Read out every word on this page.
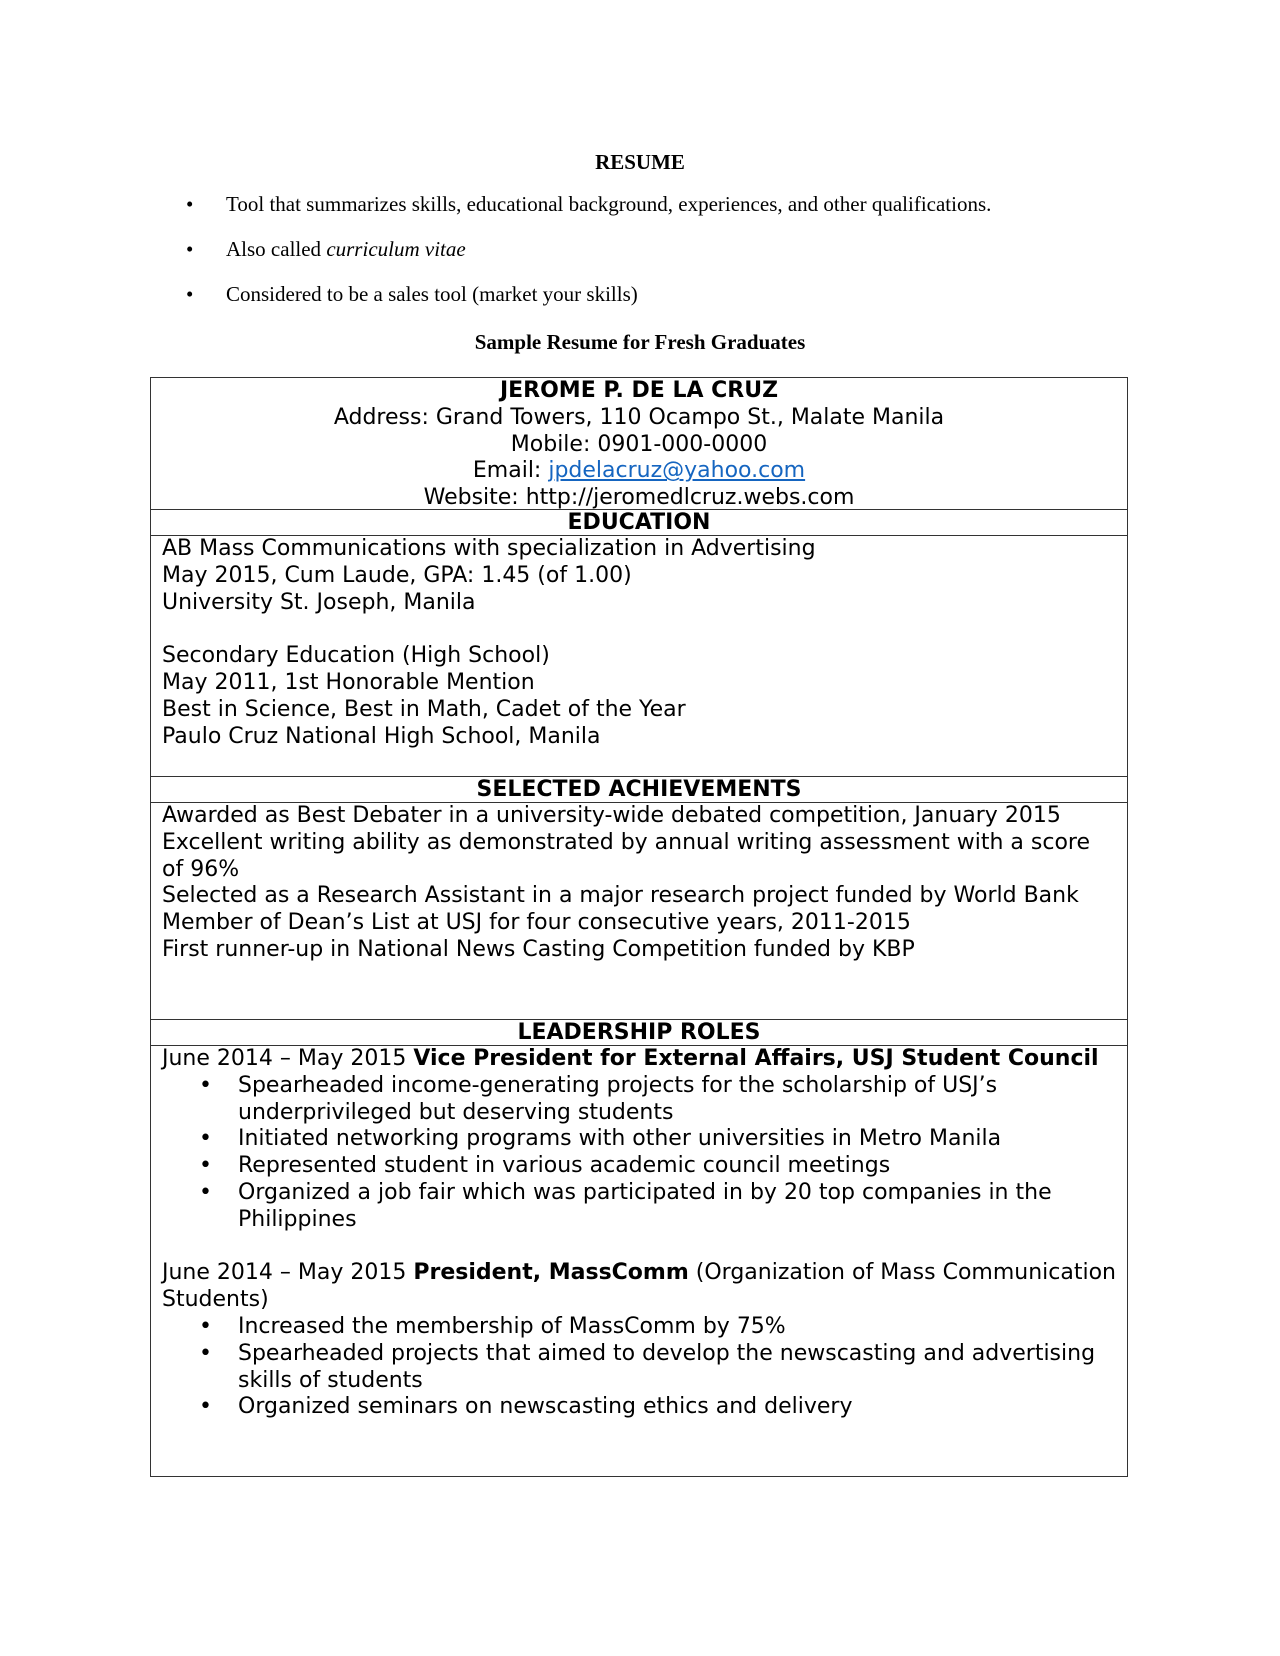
RESUME
• Tool that summarizes skills, educational background, experiences, and other qualifications.
• Also called curriculum vitae
• Considered to be a sales tool (market your skills)
Sample Resume for Fresh Graduates
JEROME P. DE LA CRUZ
Address: Grand Towers, 110 Ocampo St., Malate Manila
Mobile: 0901-000-0000
Email: jpdelacruz@yahoo.com
Website: http://jeromedlcruz.webs.com
EDUCATION
AB Mass Communications with specialization in Advertising
May 2015, Cum Laude, GPA: 1.45 (of 1.00)
University St. Joseph, Manila
Secondary Education (High School)
May 2011, 1st Honorable Mention
Best in Science, Best in Math, Cadet of the Year
Paulo Cruz National High School, Manila
SELECTED ACHIEVEMENTS
Awarded as Best Debater in a university-wide debated competition, January 2015
Excellent writing ability as demonstrated by annual writing assessment with a score of 96%
Selected as a Research Assistant in a major research project funded by World Bank
Member of Dean’s List at USJ for four consecutive years, 2011-2015
First runner-up in National News Casting Competition funded by KBP
LEADERSHIP ROLES
June 2014 – May 2015 Vice President for External Affairs, USJ Student Council
• Spearheaded income-generating projects for the scholarship of USJ’s underprivileged but deserving students
• Initiated networking programs with other universities in Metro Manila
• Represented student in various academic council meetings
• Organized a job fair which was participated in by 20 top companies in the Philippines
June 2014 – May 2015 President, MassComm (Organization of Mass Communication Students)
• Increased the membership of MassComm by 75%
• Spearheaded projects that aimed to develop the newscasting and advertising skills of students
• Organized seminars on newscasting ethics and delivery
